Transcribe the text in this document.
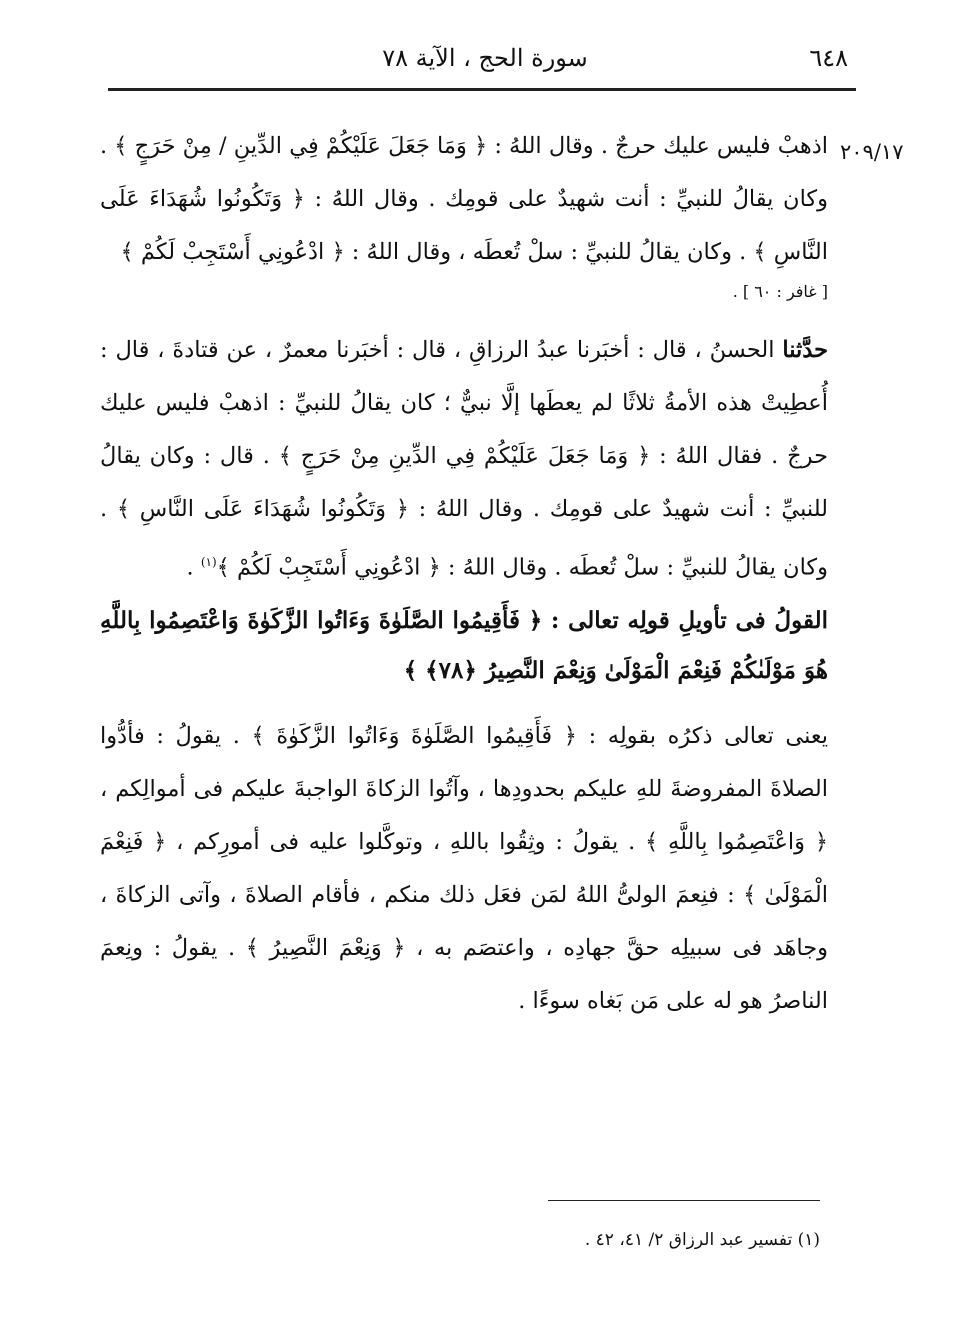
٦٤٨
سورة الحج ، الآية ٧٨
٢٠٩/١٧
اذهبْ فليس عليك حرجٌ . وقال اللهُ : ﴿ وَمَا جَعَلَ عَلَيْكُمْ فِي الدِّينِ / مِنْ حَرَجٍ ﴾ . وكان يقالُ للنبيِّ : أنت شهيدٌ على قومِك . وقال اللهُ : ﴿ وَتَكُونُوا شُهَدَاءَ عَلَى النَّاسِ ﴾ . وكان يقالُ للنبيِّ : سلْ تُعطَه ، وقال اللهُ : ﴿ ادْعُونِي أَسْتَجِبْ لَكُمْ ﴾
[ غافر : ٦٠ ] .
حدَّثنا الحسنُ ، قال : أخبَرنا عبدُ الرزاقِ ، قال : أخبَرنا معمرٌ ، عن قتادةَ ، قال : أُعطِيتْ هذه الأمةُ ثلاثًا لم يعطَها إلَّا نبيٌّ ؛ كان يقالُ للنبيِّ : اذهبْ فليس عليك حرجٌ . فقال اللهُ : ﴿ وَمَا جَعَلَ عَلَيْكُمْ فِي الدِّينِ مِنْ حَرَجٍ ﴾ . قال : وكان يقالُ للنبيِّ : أنت شهيدٌ على قومِك . وقال اللهُ : ﴿ وَتَكُونُوا شُهَدَاءَ عَلَى النَّاسِ ﴾ . وكان يقالُ للنبيِّ : سلْ تُعطَه . وقال اللهُ : ﴿ ادْعُونِي أَسْتَجِبْ لَكُمْ ﴾$^{(١)}$ .
القولُ فى تأويلِ قولِه تعالى : ﴿ فَأَقِيمُوا الصَّلَوٰةَ وَءَاتُوا الزَّكَوٰةَ وَاعْتَصِمُوا بِاللَّهِ هُوَ مَوْلَىٰكُمْ فَنِعْمَ الْمَوْلَىٰ وَنِعْمَ النَّصِيرُ ﴿٧٨﴾ ﴾
يعنى تعالى ذكرُه بقولِه : ﴿ فَأَقِيمُوا الصَّلَوٰةَ وَءَاتُوا الزَّكَوٰةَ ﴾ . يقولُ : فأدُّوا الصلاةَ المفروضةَ للهِ عليكم بحدودِها ، وآتُوا الزكاةَ الواجبةَ عليكم فى أموالِكم ، ﴿ وَاعْتَصِمُوا بِاللَّهِ ﴾ . يقولُ : وثِقُوا باللهِ ، وتوكَّلوا عليه فى أمورِكم ، ﴿ فَنِعْمَ الْمَوْلَىٰ ﴾ : فنِعمَ الولىُّ اللهُ لمَن فعَل ذلك منكم ، فأقام الصلاةَ ، وآتى الزكاةَ ، وجاهَد فى سبيلِه حقَّ جهادِه ، واعتصَم به ، ﴿ وَنِعْمَ النَّصِيرُ ﴾ . يقولُ : ونِعمَ الناصرُ هو له على مَن بَغاه سوءًا .
(١) تفسير عبد الرزاق ٢/ ٤١، ٤٢ .
